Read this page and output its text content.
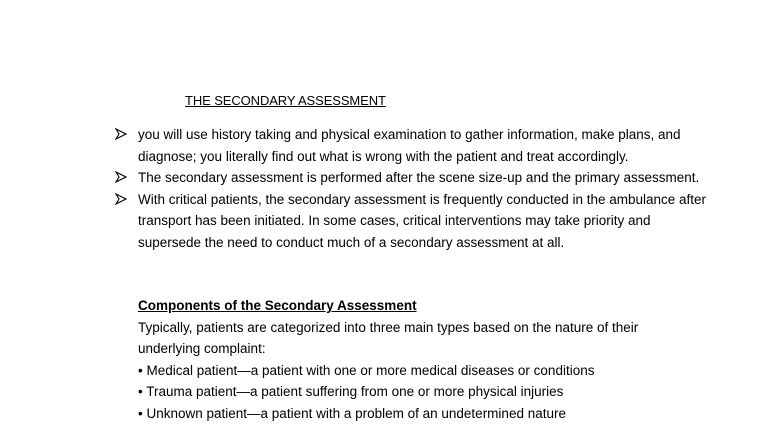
THE SECONDARY ASSESSMENT
you will use history taking and physical examination to gather information, make plans, and diagnose; you literally find out what is wrong with the patient and treat accordingly.
The secondary assessment is performed after the scene size-up and the primary assessment.
With critical patients, the secondary assessment is frequently conducted in the ambulance after transport has been initiated. In some cases, critical interventions may take priority and supersede the need to conduct much of a secondary assessment at all.
Components of the Secondary Assessment
Typically, patients are categorized into three main types based on the nature of their underlying complaint:
• Medical patient—a patient with one or more medical diseases or conditions
• Trauma patient—a patient suffering from one or more physical injuries
• Unknown patient—a patient with a problem of an undetermined nature
